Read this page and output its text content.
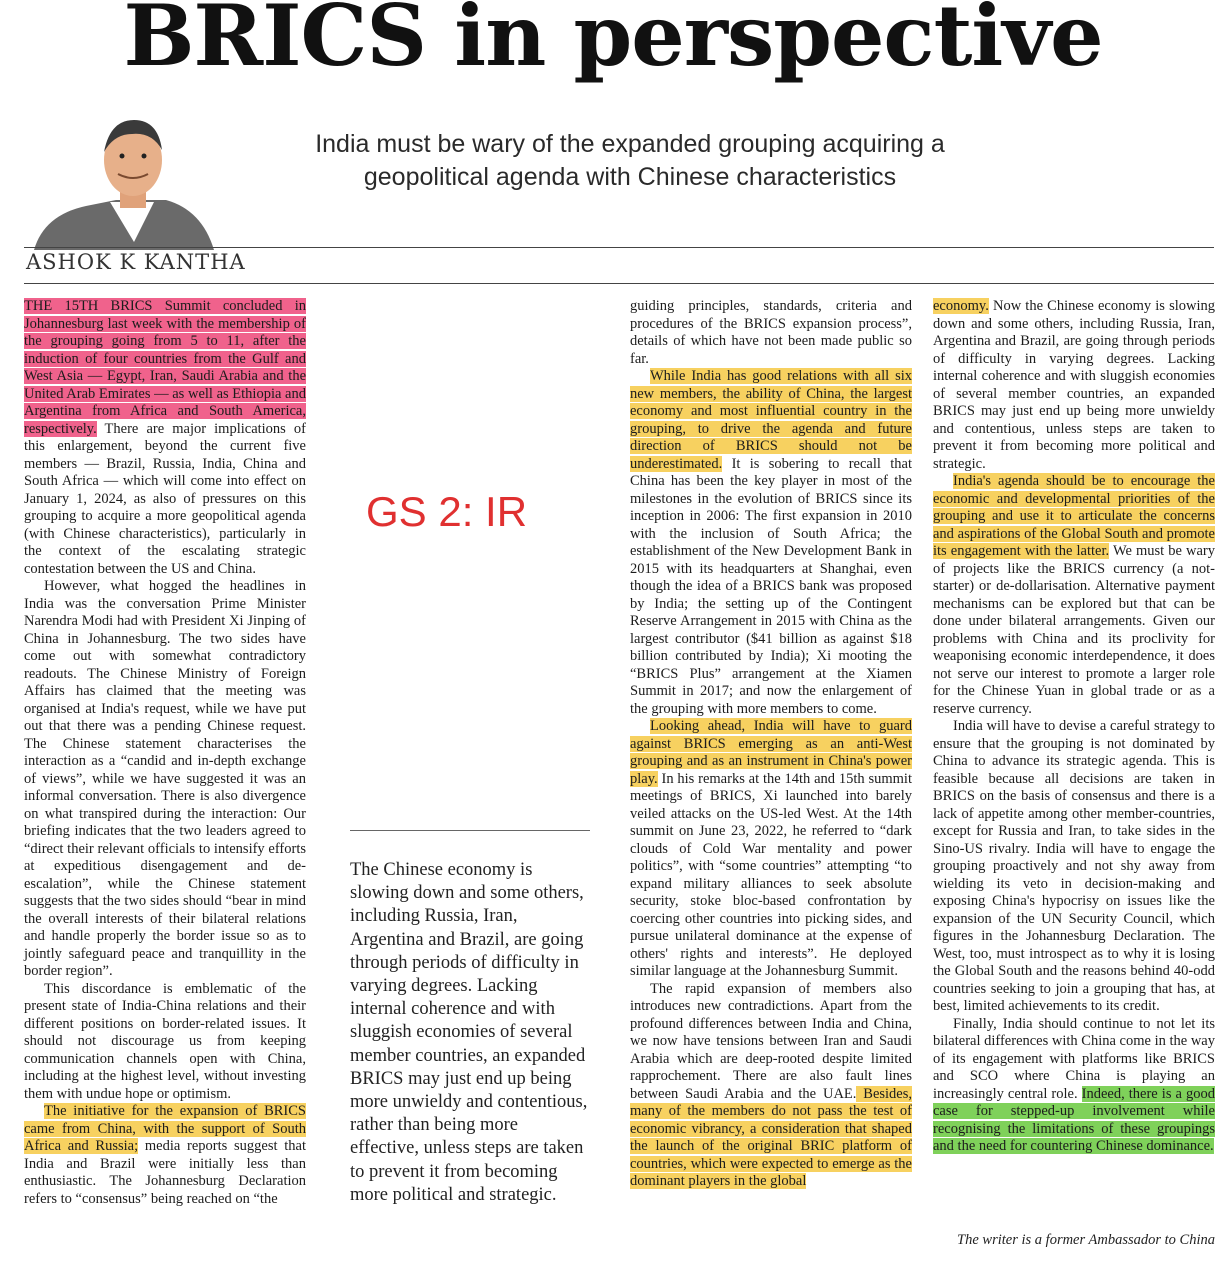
BRICS in perspective
India must be wary of the expanded grouping acquiring a geopolitical agenda with Chinese characteristics
ASHOK K KANTHA

THE 15TH BRICS Summit concluded in Johannesburg last week with the membership of the grouping going from 5 to 11, after the induction of four countries from the Gulf and West Asia — Egypt, Iran, Saudi Arabia and the United Arab Emirates — as well as Ethiopia and Argentina from Africa and South America, respectively. There are major implications of this enlargement, beyond the current five members — Brazil, Russia, India, China and South Africa — which will come into effect on January 1, 2024, as also of pressures on this grouping to acquire a more geopolitical agenda (with Chinese characteristics), particularly in the context of the escalating strategic contestation between the US and China.

However, what hogged the headlines in India was the conversation Prime Minister Narendra Modi had with President Xi Jinping of China in Johannesburg. The two sides have come out with somewhat contradictory readouts. The Chinese Ministry of Foreign Affairs has claimed that the meeting was organised at India's request, while we have put out that there was a pending Chinese request. The Chinese statement characterises the interaction as a “candid and in-depth exchange of views”, while we have suggested it was an informal conversation. There is also divergence on what transpired during the interaction: Our briefing indicates that the two leaders agreed to “direct their relevant officials to intensify efforts at expeditious disengagement and de-escalation”, while the Chinese statement suggests that the two sides should “bear in mind the overall interests of their bilateral relations and handle properly the border issue so as to jointly safeguard peace and tranquillity in the border region”.

This discordance is emblematic of the present state of India-China relations and their different positions on border-related issues. It should not discourage us from keeping communication channels open with China, including at the highest level, without investing them with undue hope or optimism.

The initiative for the expansion of BRICS came from China, with the support of South Africa and Russia; media reports suggest that India and Brazil were initially less than enthusiastic. The Johannesburg Declaration refers to “consensus” being reached on “the

GS 2: IR
The Chinese economy is slowing down and some others, including Russia, Iran, Argentina and Brazil, are going through periods of difficulty in varying degrees. Lacking internal coherence and with sluggish economies of several member countries, an expanded BRICS may just end up being more unwieldy and contentious, rather than being more effective, unless steps are taken to prevent it from becoming more political and strategic.

guiding principles, standards, criteria and procedures of the BRICS expansion process”, details of which have not been made public so far.

While India has good relations with all six new members, the ability of China, the largest economy and most influential country in the grouping, to drive the agenda and future direction of BRICS should not be underestimated. It is sobering to recall that China has been the key player in most of the milestones in the evolution of BRICS since its inception in 2006: The first expansion in 2010 with the inclusion of South Africa; the establishment of the New Development Bank in 2015 with its headquarters at Shanghai, even though the idea of a BRICS bank was proposed by India; the setting up of the Contingent Reserve Arrangement in 2015 with China as the largest contributor ($41 billion as against $18 billion contributed by India); Xi mooting the “BRICS Plus” arrangement at the Xiamen Summit in 2017; and now the enlargement of the grouping with more members to come.

Looking ahead, India will have to guard against BRICS emerging as an anti-West grouping and as an instrument in China's power play. In his remarks at the 14th and 15th summit meetings of BRICS, Xi launched into barely veiled attacks on the US-led West. At the 14th summit on June 23, 2022, he referred to “dark clouds of Cold War mentality and power politics”, with “some countries” attempting “to expand military alliances to seek absolute security, stoke bloc-based confrontation by coercing other countries into picking sides, and pursue unilateral dominance at the expense of others' rights and interests”. He deployed similar language at the Johannesburg Summit.

The rapid expansion of members also introduces new contradictions. Apart from the profound differences between India and China, we now have tensions between Iran and Saudi Arabia which are deep-rooted despite limited rapprochement. There are also fault lines between Saudi Arabia and the UAE. Besides, many of the members do not pass the test of economic vibrancy, a consideration that shaped the launch of the original BRIC platform of countries, which were expected to emerge as the dominant players in the global

economy. Now the Chinese economy is slowing down and some others, including Russia, Iran, Argentina and Brazil, are going through periods of difficulty in varying degrees. Lacking internal coherence and with sluggish economies of several member countries, an expanded BRICS may just end up being more unwieldy and contentious, unless steps are taken to prevent it from becoming more political and strategic.

India's agenda should be to encourage the economic and developmental priorities of the grouping and use it to articulate the concerns and aspirations of the Global South and promote its engagement with the latter. We must be wary of projects like the BRICS currency (a not-starter) or de-dollarisation. Alternative payment mechanisms can be explored but that can be done under bilateral arrangements. Given our problems with China and its proclivity for weaponising economic interdependence, it does not serve our interest to promote a larger role for the Chinese Yuan in global trade or as a reserve currency.

India will have to devise a careful strategy to ensure that the grouping is not dominated by China to advance its strategic agenda. This is feasible because all decisions are taken in BRICS on the basis of consensus and there is a lack of appetite among other member-countries, except for Russia and Iran, to take sides in the Sino-US rivalry. India will have to engage the grouping proactively and not shy away from wielding its veto in decision-making and exposing China's hypocrisy on issues like the expansion of the UN Security Council, which figures in the Johannesburg Declaration. The West, too, must introspect as to why it is losing the Global South and the reasons behind 40-odd countries seeking to join a grouping that has, at best, limited achievements to its credit.

Finally, India should continue to not let its bilateral differences with China come in the way of its engagement with platforms like BRICS and SCO where China is playing an increasingly central role. Indeed, there is a good case for stepped-up involvement while recognising the limitations of these groupings and the need for countering Chinese dominance.

The writer is a former Ambassador to China
